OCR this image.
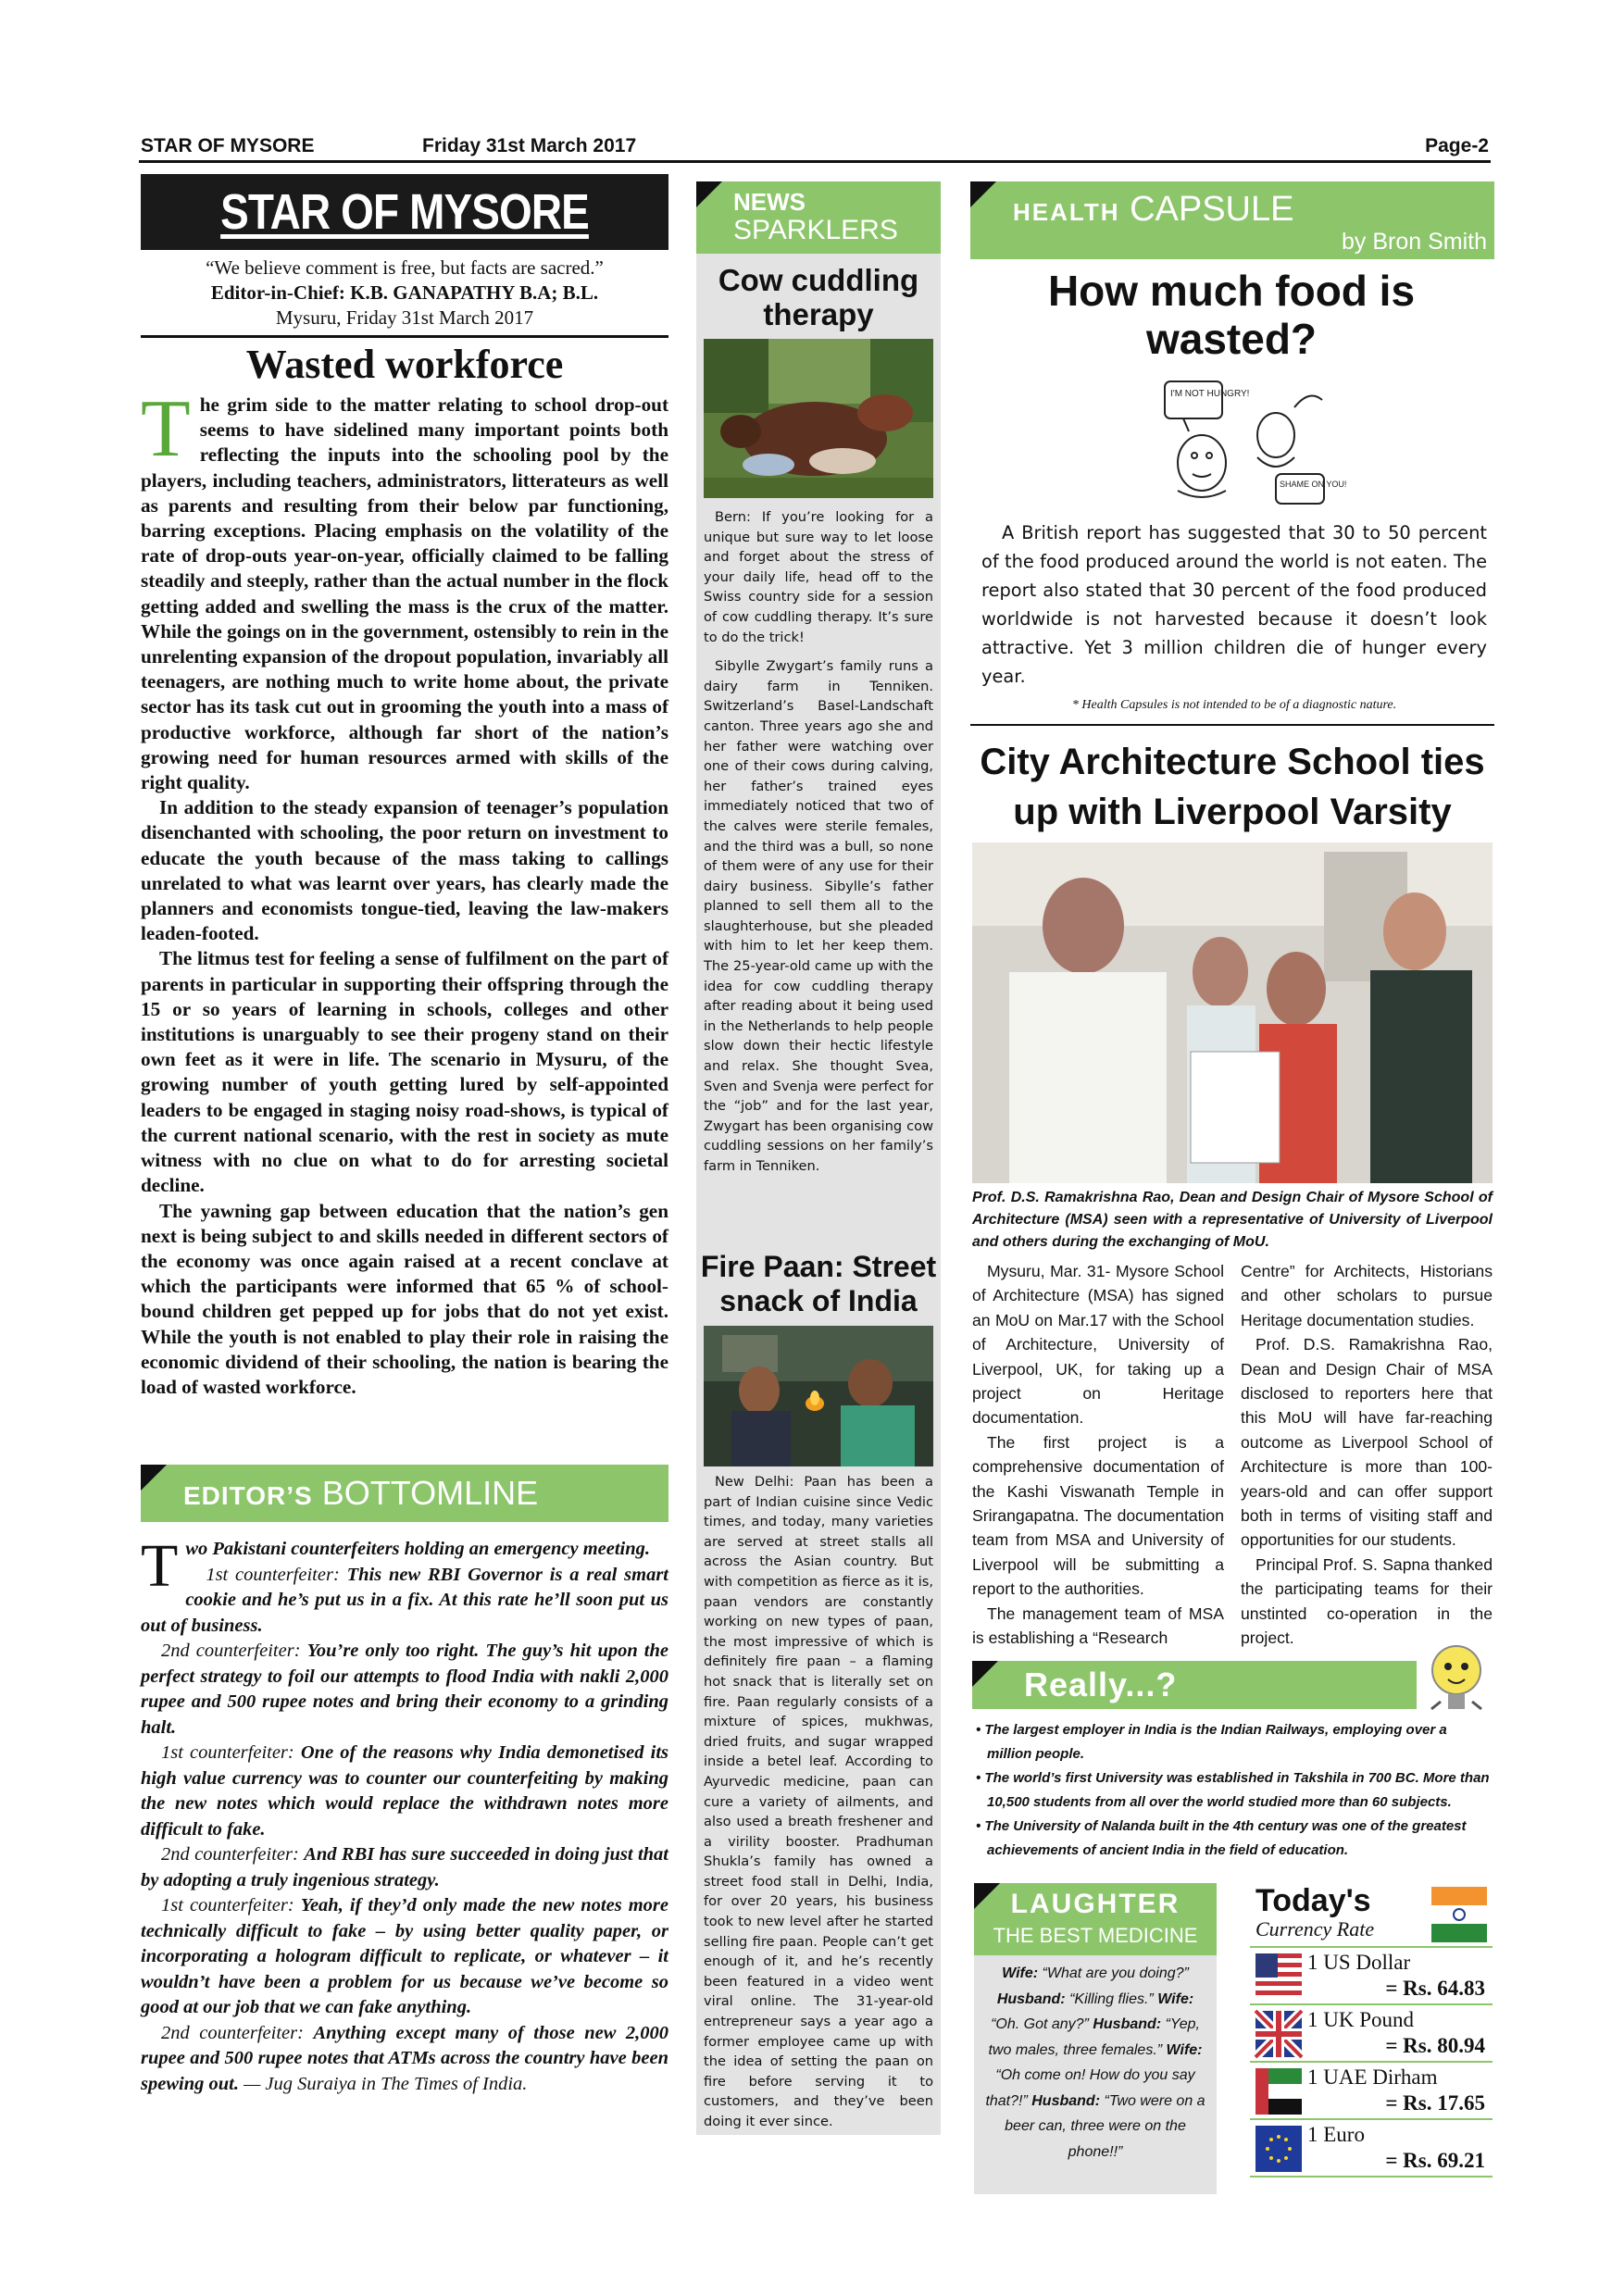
STAR OF MYSORE	Friday 31st March 2017	Page-2
STAR OF MYSORE
“We believe comment is free, but facts are sacred.”
Editor-in-Chief: K.B. GANAPATHY B.A; B.L.
Mysuru, Friday 31st March 2017
Wasted workforce
T he grim side to the matter relating to school drop-out seems to have sidelined many important points both reflecting the inputs into the schooling pool by the players, including teachers, administrators, litterateurs as well as parents and resulting from their below par functioning, barring exceptions. Placing emphasis on the volatility of the rate of drop-outs year-on-year, officially claimed to be falling steadily and steeply, rather than the actual number in the flock getting added and swelling the mass is the crux of the matter. While the goings on in the government, ostensibly to rein in the unrelenting expansion of the dropout population, invariably all teenagers, are nothing much to write home about, the private sector has its task cut out in grooming the youth into a mass of productive workforce, although far short of the nation’s growing need for human resources armed with skills of the right quality.

In addition to the steady expansion of teenager’s population disenchanted with schooling, the poor return on investment to educate the youth because of the mass taking to callings unrelated to what was learnt over years, has clearly made the planners and economists tongue-tied, leaving the law-makers leaden-footed.

The litmus test for feeling a sense of fulfilment on the part of parents in particular in supporting their offspring through the 15 or so years of learning in schools, colleges and other institutions is unarguably to see their progeny stand on their own feet as it were in life. The scenario in Mysuru, of the growing number of youth getting lured by self-appointed leaders to be engaged in staging noisy road-shows, is typical of the current national scenario, with the rest in society as mute witness with no clue on what to do for arresting societal decline.

The yawning gap between education that the nation’s gen next is being subject to and skills needed in different sectors of the economy was once again raised at a recent conclave at which the participants were informed that 65 % of school-bound children get pepped up for jobs that do not yet exist. While the youth is not enabled to play their role in raising the economic dividend of their schooling, the nation is bearing the load of wasted workforce.

EDITOR’S BOTTOMLINE
T wo Pakistani counterfeiters holding an emergency meeting.

1st counterfeiter: This new RBI Governor is a real smart cookie and he’s put us in a fix. At this rate he’ll soon put us out of business.

2nd counterfeiter: You’re only too right. The guy’s hit upon the perfect strategy to foil our attempts to flood India with nakli 2,000 rupee and 500 rupee notes and bring their economy to a grinding halt.

1st counterfeiter: One of the reasons why India demonetised its high value currency was to counter our counterfeiting by making the new notes which would replace the withdrawn notes more difficult to fake.

2nd counterfeiter: And RBI has sure succeeded in doing just that by adopting a truly ingenious strategy.

1st counterfeiter: Yeah, if they’d only made the new notes more technically difficult to fake – by using better quality paper, or incorporating a hologram difficult to replicate, or whatever – it wouldn’t have been a problem for us because we’ve become so good at our job that we can fake anything.

2nd counterfeiter: Anything except many of those new 2,000 rupee and 500 rupee notes that ATMs across the country have been spewing out. — Jug Suraiya in The Times of India.

NEWS
SPARKLERS
Cow cuddling therapy

Bern: If you’re looking for a unique but sure way to let loose and forget about the stress of your daily life, head off to the Swiss country side for a session of cow cuddling therapy. It’s sure to do the trick!

Sibylle Zwygart’s family runs a dairy farm in Tenniken. Switzerland’s Basel-Landschaft canton. Three years ago she and her father were watching over one of their cows during calving, her father’s trained eyes immediately noticed that two of the calves were sterile females, and the third was a bull, so none of them were of any use for their dairy business. Sibylle’s father planned to sell them all to the slaughterhouse, but she pleaded with him to let her keep them. The 25-year-old came up with the idea for cow cuddling therapy after reading about it being used in the Netherlands to help people slow down their hectic lifestyle and relax. She thought Svea, Sven and Svenja were perfect for the “job” and for the last year, Zwygart has been organising cow cuddling sessions on her family’s farm in Tenniken.

Fire Paan: Street snack of India

New Delhi: Paan has been a part of Indian cuisine since Vedic times, and today, many varieties are served at street stalls all across the Asian country. But with competition as fierce as it is, paan vendors are constantly working on new types of paan, the most impressive of which is definitely fire paan – a flaming hot snack that is literally set on fire. Paan regularly consists of a mixture of spices, mukhwas, dried fruits, and sugar wrapped inside a betel leaf. According to Ayurvedic medicine, paan can cure a variety of ailments, and also used a breath freshener and a virility booster. Pradhuman Shukla’s family has owned a street food stall in Delhi, India, for over 20 years, his business took to new level after he started selling fire paan. People can’t get enough of it, and he’s recently been featured in a video went viral online. The 31-year-old entrepreneur says a year ago a former employee came up with the idea of setting the paan on fire before serving it to customers, and they’ve been doing it ever since.

HEALTH CAPSULE
by Bron Smith
How much food is wasted?
I'M NOT HUNGRY!
SHAME ON YOU!
A British report has suggested that 30 to 50 percent of the food produced around the world is not eaten. The report also stated that 30 percent of the food produced worldwide is not harvested because it doesn’t look attractive. Yet 3 million children die of hunger every year.
* Health Capsules is not intended to be of a diagnostic nature.
City Architecture School ties up with Liverpool Varsity
Prof. D.S. Ramakrishna Rao, Dean and Design Chair of Mysore School of Architecture (MSA) seen with a representative of University of Liverpool and others during the exchanging of MoU.

Mysuru, Mar. 31- Mysore School of Architecture (MSA) has signed an MoU on Mar.17 with the School of Architecture, University of Liverpool, UK, for taking up a project on Heritage documentation.

The first project is a comprehensive documentation of the Kashi Viswanath Temple in Srirangapatna. The documentation team from MSA and University of Liverpool will be submitting a report to the authorities.

The management team of MSA is establishing a “Research

Centre” for Architects, Historians and other scholars to pursue Heritage documentation studies.

Prof. D.S. Ramakrishna Rao, Dean and Design Chair of MSA disclosed to reporters here that this MoU will have far-reaching outcome as Liverpool School of Architecture is more than 100-years-old and can offer support both in terms of visiting staff and opportunities for our students.

Principal Prof. S. Sapna thanked the participating teams for their unstinted co-operation in the project.

Really...?
• The largest employer in India is the Indian Railways, employing over a million people.
• The world’s first University was established in Takshila in 700 BC. More than 10,500 students from all over the world studied more than 60 subjects.
• The University of Nalanda built in the 4th century was one of the greatest achievements of ancient India in the field of education.
LAUGHTER
THE BEST MEDICINE
Wife: “What are you doing?” Husband: “Killing flies.” Wife: “Oh. Got any?” Husband: “Yep, two males, three females.” Wife: “Oh come on! How do you say that?!” Husband: “Two were on a beer can, three were on the phone!!”
Today's
Currency Rate
1 US Dollar
= Rs. 64.83
1 UK Pound
= Rs. 80.94
1 UAE Dirham
= Rs. 17.65
1 Euro
= Rs. 69.21
